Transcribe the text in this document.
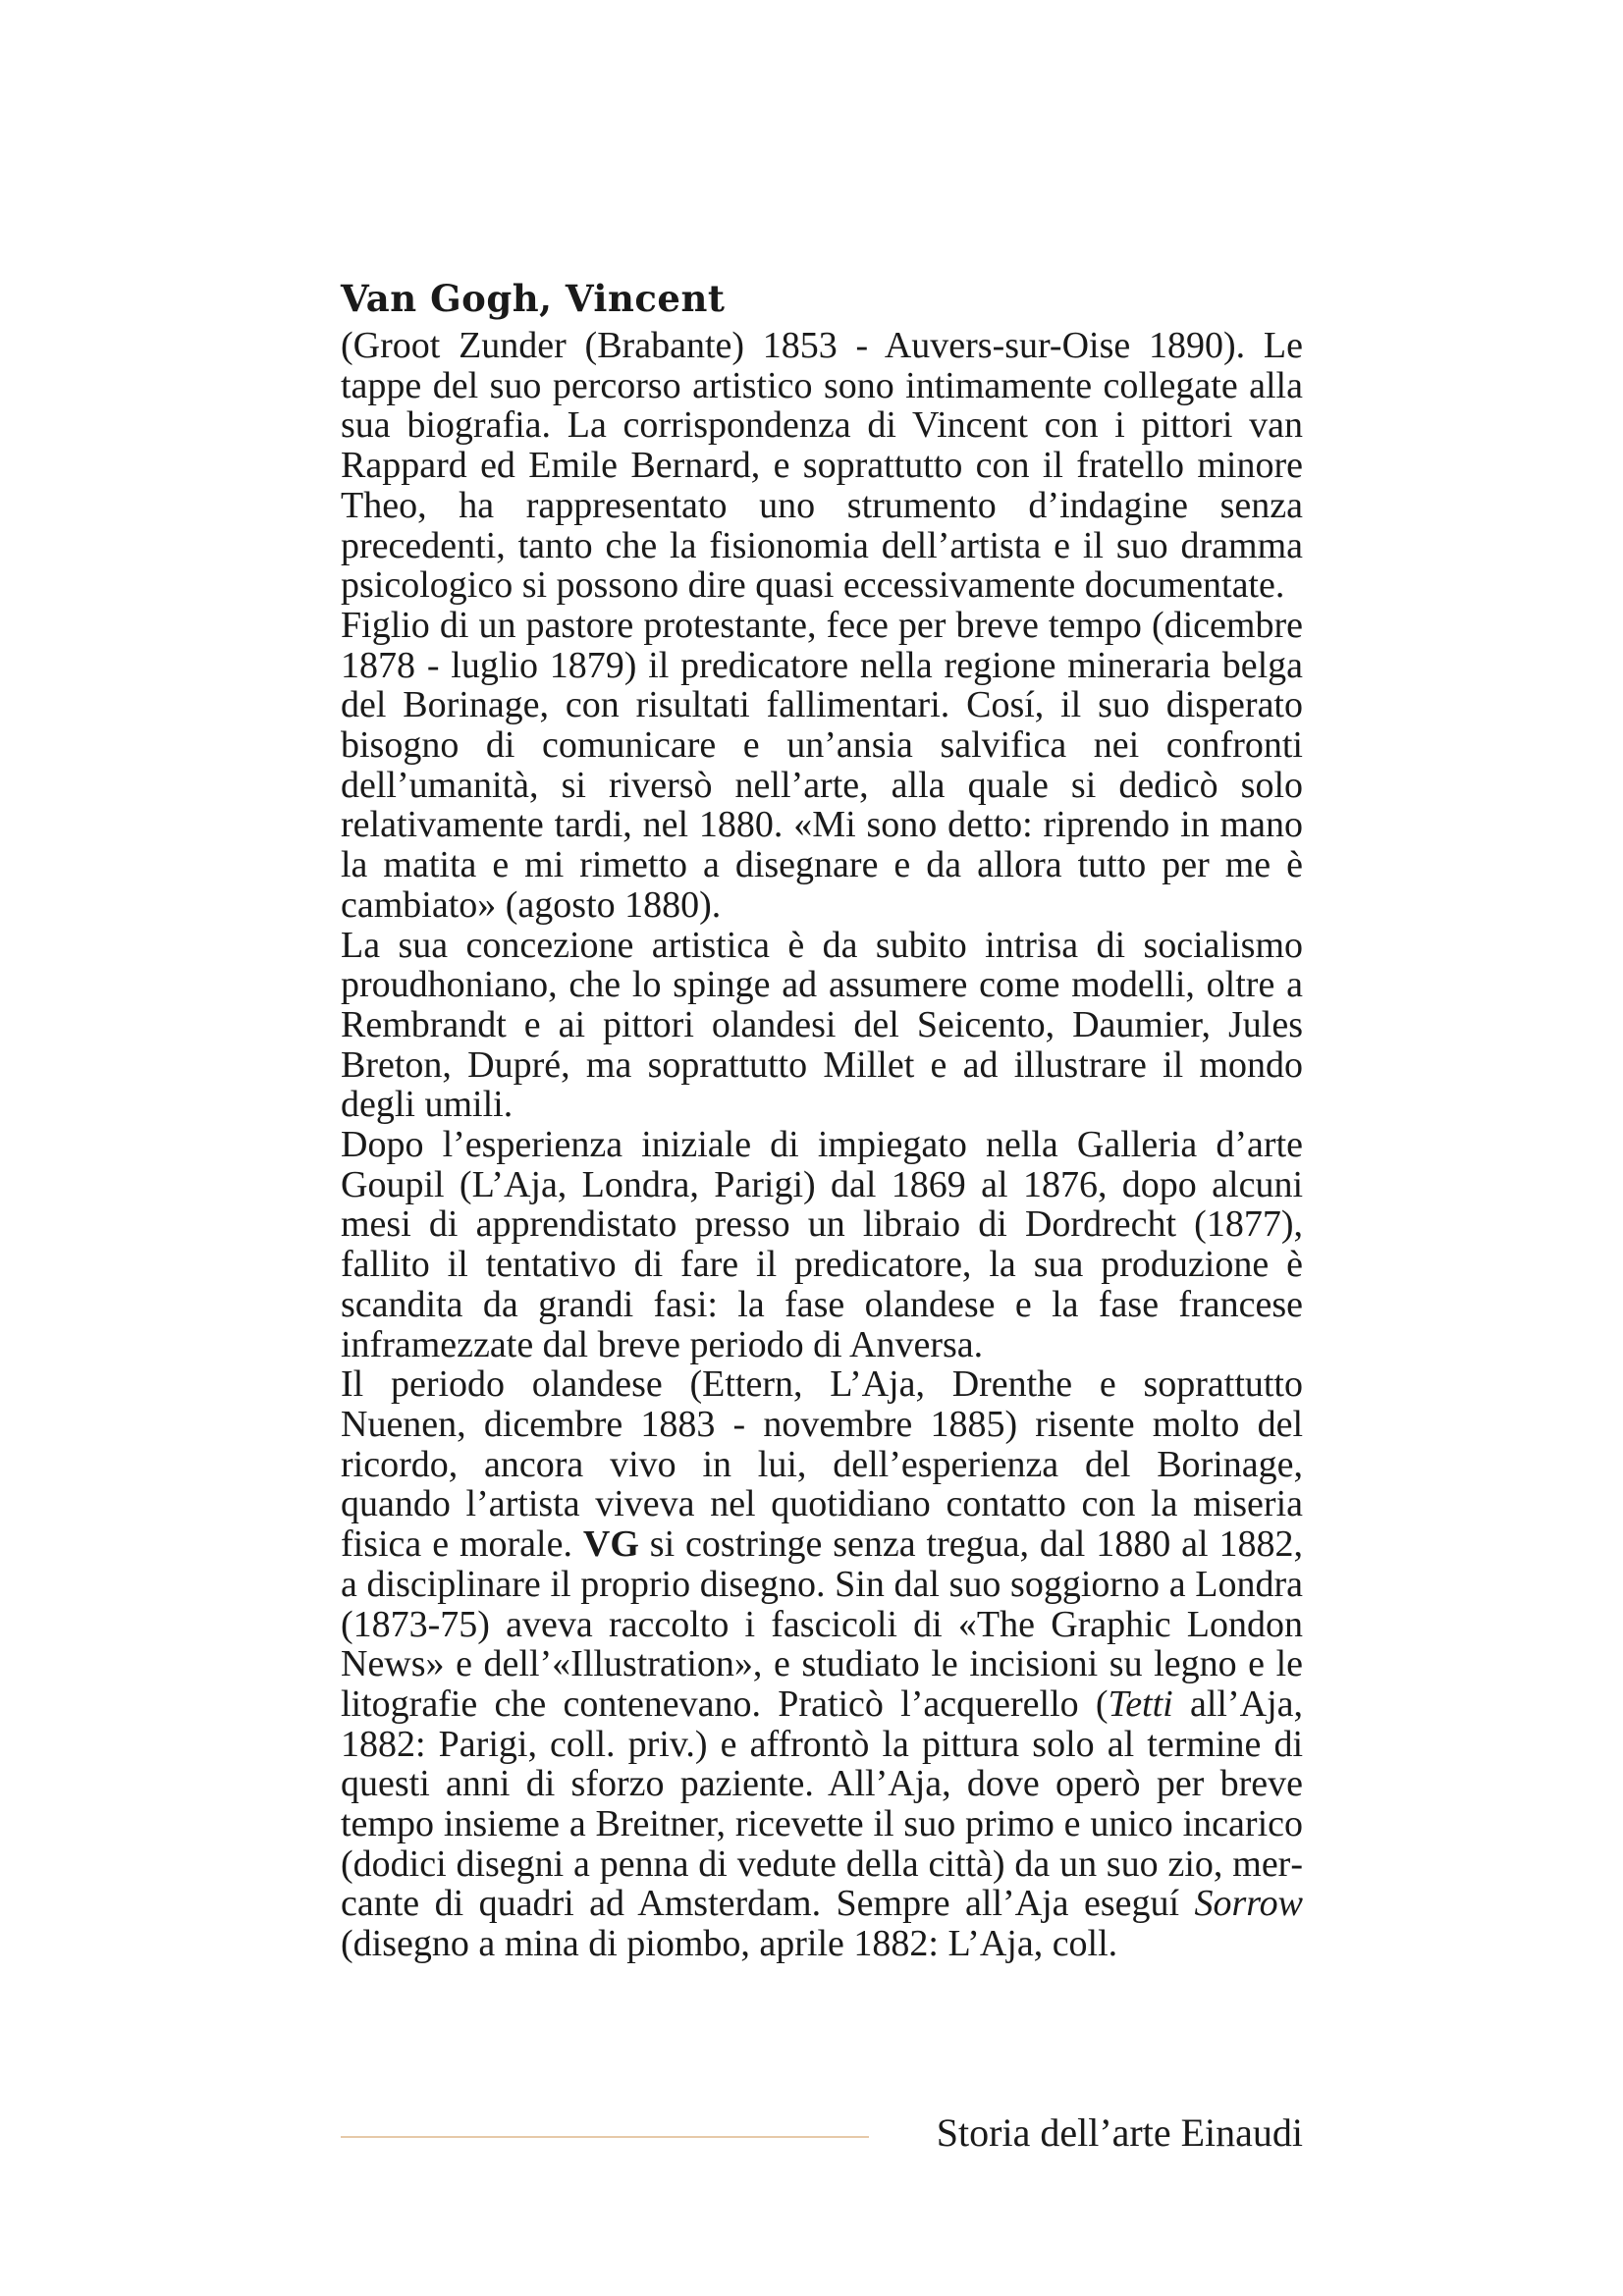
Van Gogh, Vincent

(Groot Zunder (Brabante) 1853 - Auvers-sur-Oise 1890). Le tappe del suo percorso artistico sono intimamente collegate alla sua biografia. La corrispondenza di Vincent con i pittori van Rappard ed Emile Bernard, e soprattutto con il fratello minore Theo, ha rappresentato uno strumento d’indagine senza precedenti, tanto che la fisionomia dell’artista e il suo dramma psicologico si possono dire quasi eccessivamente documentate.

Figlio di un pastore protestante, fece per breve tempo (dicembre 1878 - luglio 1879) il predicatore nella regione mineraria belga del Borinage, con risultati fallimentari. Cosí, il suo disperato bisogno di comunicare e un’ansia salvifica nei confronti dell’umanità, si riversò nell’arte, alla quale si dedicò solo relativamente tardi, nel 1880. «Mi sono detto: riprendo in mano la matita e mi rimetto a disegnare e da allora tutto per me è cambiato» (agosto 1880).

La sua concezione artistica è da subito intrisa di socialismo proudhoniano, che lo spinge ad assumere come modelli, oltre a Rembrandt e ai pittori olandesi del Seicento, Daumier, Jules Breton, Dupré, ma soprattutto Millet e ad illustrare il mondo degli umili.

Dopo l’esperienza iniziale di impiegato nella Galleria d’arte Goupil (L’Aja, Londra, Parigi) dal 1869 al 1876, dopo alcuni mesi di apprendistato presso un libraio di Dordrecht (1877), fallito il tentativo di fare il predicatore, la sua produzione è scandita da grandi fasi: la fase olandese e la fase francese inframezzate dal breve periodo di Anversa.

Il periodo olandese (Ettern, L’Aja, Drenthe e soprattutto Nuenen, dicembre 1883 - novembre 1885) risente molto del ricordo, ancora vivo in lui, dell’esperienza del Borinage, quando l’artista viveva nel quotidiano contatto con la miseria fisica e morale. VG si costringe senza tregua, dal 1880 al 1882, a disciplinare il proprio disegno. Sin dal suo soggiorno a Londra (1873-75) aveva raccolto i fascicoli di «The Graphic London News» e dell’«Illustration», e studiato le incisioni su legno e le litografie che contenevano. Praticò l’acquerello (Tetti all’Aja, 1882: Parigi, coll. priv.) e affrontò la pittura solo al termine di questi anni di sforzo paziente. All’Aja, dove operò per breve tempo insieme a Breitner, ricevette il suo primo e unico incarico (dodici disegni a penna di vedute della città) da un suo zio, mercante di quadri ad Amsterdam. Sempre all’Aja eseguí Sorrow (disegno a mina di piombo, aprile 1882: L’Aja, coll.

Storia dell’arte Einaudi
